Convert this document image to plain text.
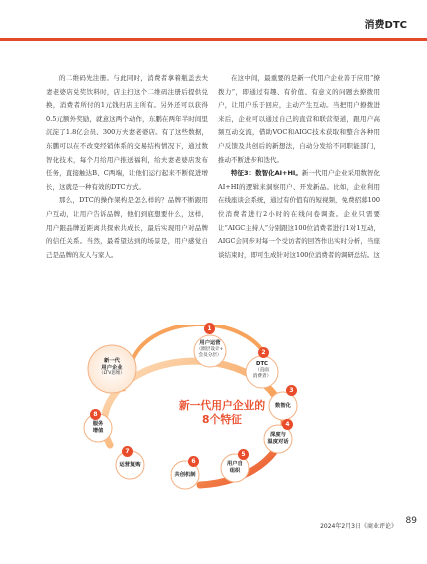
消费DTC

的二维码先注册。与此同时，消费者拿着瓶盖去夫妻老婆店兑奖饮料时，店主扫这个二维码注册后提供兑换，消费者所付的1元钱归店主所有。另外还可以获得0.5元额外奖励，就意这两个动作，东鹏在两年半时间里沉淀了1.8亿会员、300万夫妻老婆店。有了这些数据，东鹏可以在不改变经销体系的交易结构情况下，通过数智化技术，每个月给用户推送福利，给夫妻老婆店发布任务，直接触达B、C两端，让他们运行起来不断促进增长，这就是一种有效的DTC方式。

那么，DTC的操作架构是怎么样的？品牌不断跟用户互动，让用户告诉品牌，他们到底想要什么，这样，用户跟品牌近距离共探索共成长，最后实现用户对品牌的信任关系。当然，最希望达到的场景是，用户感觉自己是品牌的友人与家人。

在这中间，最重要的是新一代用户企业善于应用“撩拨力”，即通过有趣、有价值、有意义的问题去撩拨用户，让用户乐于回应，主动产生互动。当把用户撩拨进来后，企业可以通过自己的直营和联营渠道，跟用户高频互动交流，借助VOC和AIGC技术获取和整合各种用户反馈及共创后的新想法，自动分发给不同职能部门，推动不断进步和迭代。

特征3：数智化AI+HI。新一代用户企业采用数智化AI+HI的逻辑来洞察用户、开发新品。比如，企业利用在线座谈会系统，通过有价值有的短视频，免费招募100位消费者进行2小时的在线问卷调查。企业只需要让“AIGC主持人”分别跟这100位消费者进行1对1互动，AIGC会同步对每一个受访者的回答作出实时分析，当座谈结束时，即可生成针对这100位消费者的调研总结。这

新一代
用户企业
（LTV思维）
新一代用户企业的
8个特征
1
用户运营
（圈层设计+
会员分层）	2
DTC
（直面
消费者）
3
数智化
4
深度与
温度对话
5
用户自
组织
6
共创机制
7
运营复购
8
服务
增值
2024年2月3日《商业评论》
89
